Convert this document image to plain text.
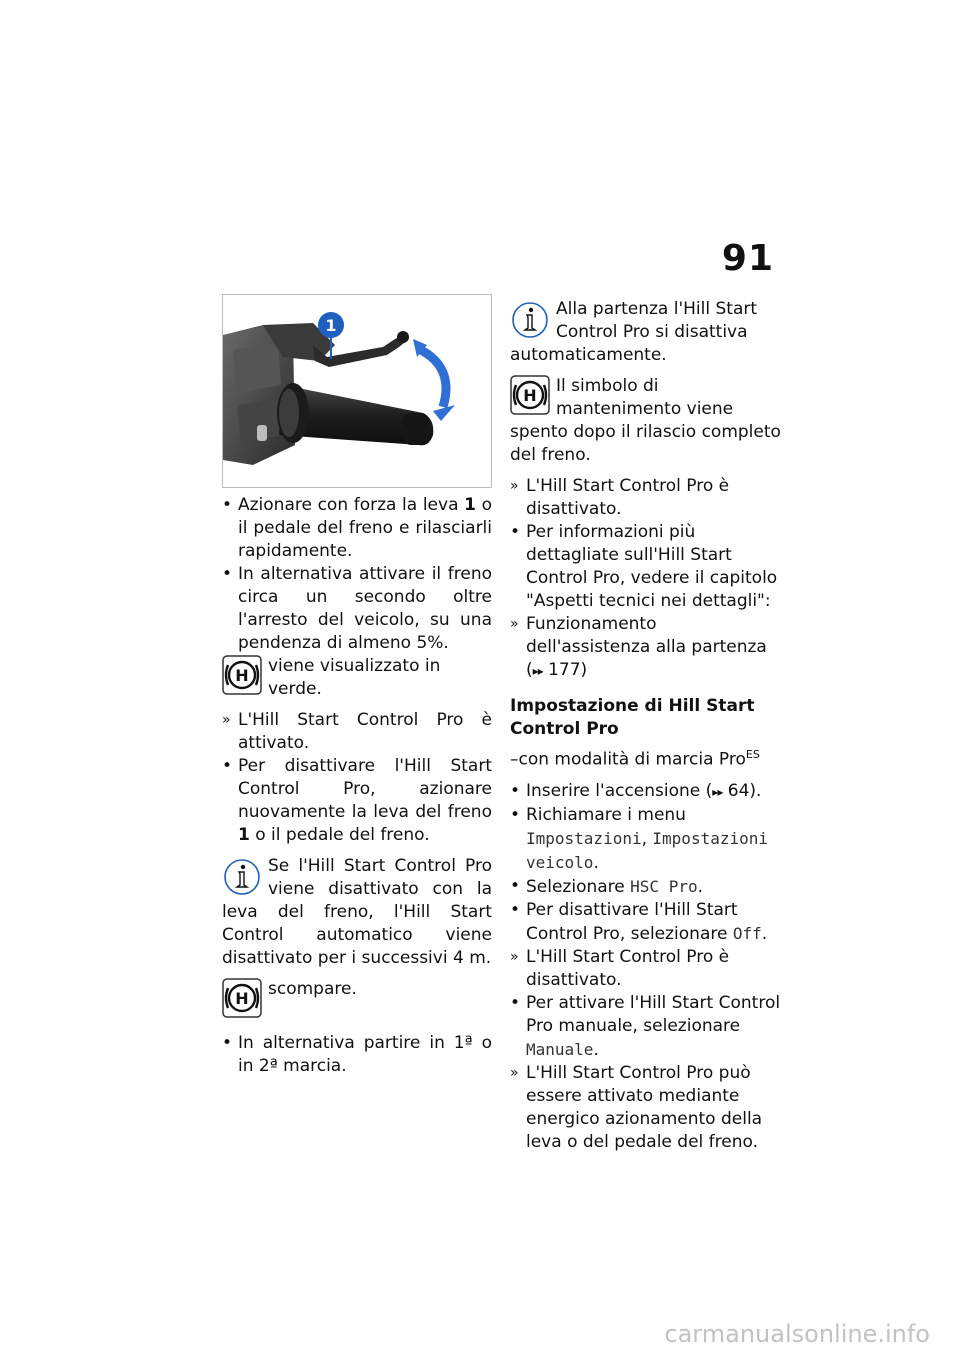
91
1

• Azionare con forza la leva 1 o il pedale del freno e rilasciarli rapidamente.

• In alternativa attivare il freno circa un secondo oltre l'arresto del veicolo, su una pendenza di almeno 5%.

H viene visualizzato in verde.

» L'Hill Start Control Pro è attivato.

• Per disattivare l'Hill Start Control Pro, azionare nuovamente la leva del freno 1 o il pedale del freno.

Se l'Hill Start Control Pro viene disattivato con la leva del freno, l'Hill Start Control automatico viene disattivato per i successivi 4 m.
H scompare.

• In alternativa partire in 1ª o in 2ª marcia.

Alla partenza l'Hill Start Control Pro si disattiva automaticamente.
H Il simbolo di mantenimento viene spento dopo il rilascio completo del freno.

» L'Hill Start Control Pro è disattivato.

• Per informazioni più dettagliate sull'Hill Start Control Pro, vedere il capitolo "Aspetti tecnici nei dettagli":

» Funzionamento dell'assistenza alla partenza (▸▸ 177)

Impostazione di Hill Start Control Pro
–con modalità di marcia Pro$^{ES}$

• Inserire l'accensione (▸▸ 64).

• Richiamare i menu Impostazioni, Impostazioni veicolo.

• Selezionare HSC Pro.

• Per disattivare l'Hill Start Control Pro, selezionare Off.

» L'Hill Start Control Pro è disattivato.

• Per attivare l'Hill Start Control Pro manuale, selezionare Manuale.

» L'Hill Start Control Pro può essere attivato mediante energico azionamento della leva o del pedale del freno.

carmanualsonline.info
